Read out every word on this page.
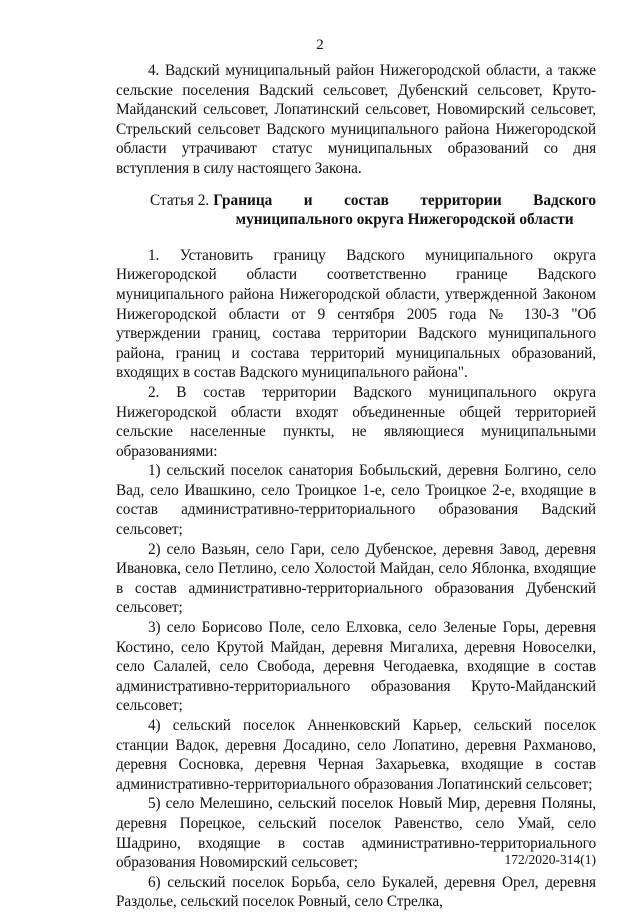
2

4. Вадский муниципальный район Нижегородской области, а также сельские поселения Вадский сельсовет, Дубенский сельсовет, Круто-Майданский сельсовет, Лопатинский сельсовет, Новомирский сельсовет, Стрельский сельсовет Вадского муниципального района Нижегородской области утрачивают статус муниципальных образований со дня вступления в силу настоящего Закона.

Статья 2. Граница и состав территории Вадского муниципального округа Нижегородской области

1. Установить границу Вадского муниципального округа Нижегородской области соответственно границе Вадского муниципального района Нижегородской области, утвержденной Законом Нижегородской области от 9 сентября 2005 года № 130-З "Об утверждении границ, состава территории Вадского муниципального района, границ и состава территорий муниципальных образований, входящих в состав Вадского муниципального района".

2. В состав территории Вадского муниципального округа Нижегородской области входят объединенные общей территорией сельские населенные пункты, не являющиеся муниципальными образованиями:

1) сельский поселок санатория Бобыльский, деревня Болгино, село Вад, село Ивашкино, село Троицкое 1-е, село Троицкое 2-е, входящие в состав административно-территориального образования Вадский сельсовет;

2) село Вазьян, село Гари, село Дубенское, деревня Завод, деревня Ивановка, село Петлино, село Холостой Майдан, село Яблонка, входящие в состав административно-территориального образования Дубенский сельсовет;

3) село Борисово Поле, село Елховка, село Зеленые Горы, деревня Костино, село Крутой Майдан, деревня Мигалиха, деревня Новоселки, село Салалей, село Свобода, деревня Чегодаевка, входящие в состав административно-территориального образования Круто-Майданский сельсовет;

4) сельский поселок Анненковский Карьер, сельский поселок станции Вадок, деревня Досадино, село Лопатино, деревня Рахманово, деревня Сосновка, деревня Черная Захарьевка, входящие в состав административно-территориального образования Лопатинский сельсовет;

5) село Мелешино, сельский поселок Новый Мир, деревня Поляны, деревня Порецкое, сельский поселок Равенство, село Умай, село Шадрино, входящие в состав административно-территориального образования Новомирский сельсовет;

6) сельский поселок Борьба, село Букалей, деревня Орел, деревня Раздолье, сельский поселок Ровный, село Стрелка,

172/2020-314(1)
